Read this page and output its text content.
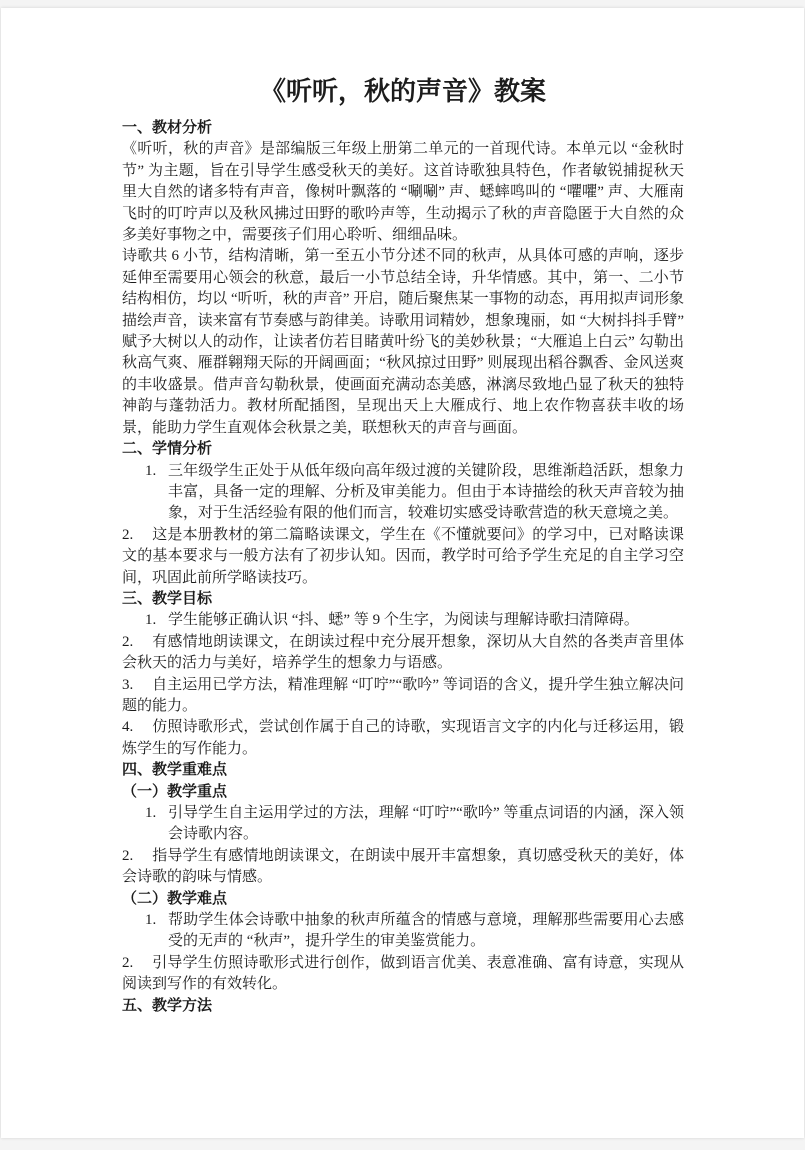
《听听，秋的声音》教案
一、教材分析

《听听，秋的声音》是部编版三年级上册第二单元的一首现代诗。本单元以 “金秋时节” 为主题，旨在引导学生感受秋天的美好。这首诗歌独具特色，作者敏锐捕捉秋天里大自然的诸多特有声音，像树叶飘落的 “唰唰” 声、蟋蟀鸣叫的 “㘗㘗” 声、大雁南飞时的叮咛声以及秋风拂过田野的歌吟声等，生动揭示了秋的声音隐匿于大自然的众多美好事物之中，需要孩子们用心聆听、细细品味。

诗歌共 6 小节，结构清晰，第一至五小节分述不同的秋声，从具体可感的声响，逐步延伸至需要用心领会的秋意，最后一小节总结全诗，升华情感。其中，第一、二小节结构相仿，均以 “听听，秋的声音” 开启，随后聚焦某一事物的动态，再用拟声词形象描绘声音，读来富有节奏感与韵律美。诗歌用词精妙，想象瑰丽，如 “大树抖抖手臂” 赋予大树以人的动作，让读者仿若目睹黄叶纷飞的美妙秋景；“大雁追上白云” 勾勒出秋高气爽、雁群翱翔天际的开阔画面；“秋风掠过田野” 则展现出稻谷飘香、金风送爽的丰收盛景。借声音勾勒秋景，使画面充满动态美感，淋漓尽致地凸显了秋天的独特神韵与蓬勃活力。教材所配插图，呈现出天上大雁成行、地上农作物喜获丰收的场景，能助力学生直观体会秋景之美，联想秋天的声音与画面。

二、学情分析
1. 三年级学生正处于从低年级向高年级过渡的关键阶段，思维渐趋活跃，想象力丰富，具备一定的理解、分析及审美能力。但由于本诗描绘的秋天声音较为抽象，对于生活经验有限的他们而言，较难切实感受诗歌营造的秋天意境之美。
2. 这是本册教材的第二篇略读课文，学生在《不懂就要问》的学习中，已对略读课文的基本要求与一般方法有了初步认知。因而，教学时可给予学生充足的自主学习空间，巩固此前所学略读技巧。
三、教学目标
1. 学生能够正确认识 “抖、蟋” 等 9 个生字，为阅读与理解诗歌扫清障碍。
2. 有感情地朗读课文，在朗读过程中充分展开想象，深切从大自然的各类声音里体会秋天的活力与美好，培养学生的想象力与语感。
3. 自主运用已学方法，精准理解 “叮咛”“歌吟” 等词语的含义，提升学生独立解决问题的能力。
4. 仿照诗歌形式，尝试创作属于自己的诗歌，实现语言文字的内化与迁移运用，锻炼学生的写作能力。
四、教学重难点
（一）教学重点
1. 引导学生自主运用学过的方法，理解 “叮咛”“歌吟” 等重点词语的内涵，深入领会诗歌内容。
2. 指导学生有感情地朗读课文，在朗读中展开丰富想象，真切感受秋天的美好，体会诗歌的韵味与情感。
（二）教学难点
1. 帮助学生体会诗歌中抽象的秋声所蕴含的情感与意境，理解那些需要用心去感受的无声的 “秋声”，提升学生的审美鉴赏能力。
2. 引导学生仿照诗歌形式进行创作，做到语言优美、表意准确、富有诗意，实现从阅读到写作的有效转化。
五、教学方法
